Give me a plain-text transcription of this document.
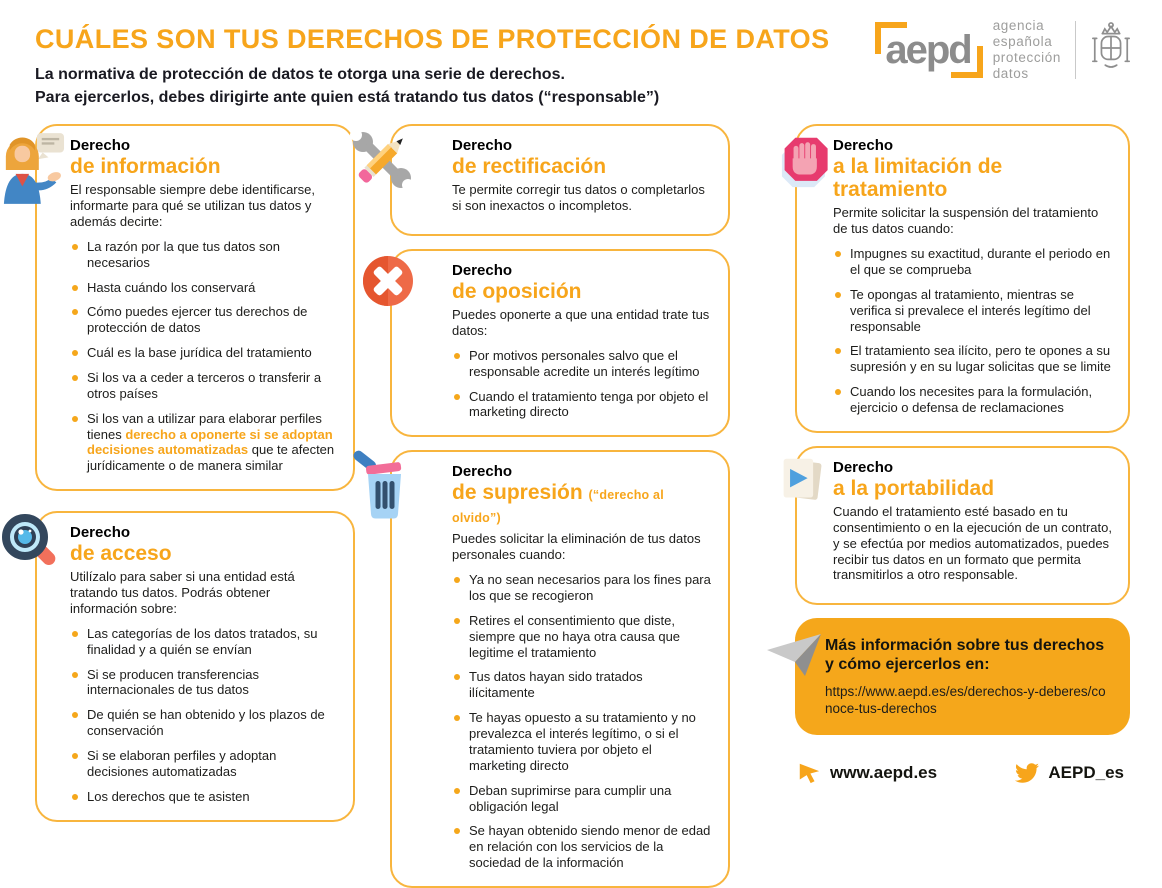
CUÁLES SON TUS DERECHOS DE PROTECCIÓN DE DATOS

La normativa de protección de datos te otorga una serie de derechos.

Para ejercerlos, debes dirigirte ante quien está tratando tus datos (“responsable”)

aepd
agencia
española
protección
datos
Derecho
de información

El responsable siempre debe identificarse, informarte para qué se utilizan tus datos y además decirte:

La razón por la que tus datos son necesarios
Hasta cuándo los conservará
Cómo puedes ejercer tus derechos de protección de datos
Cuál es la base jurídica del tratamiento
Si los va a ceder a terceros o transferir a otros países
Si los van a utilizar para elaborar perfiles tienes derecho a oponerte si se adoptan decisiones automatizadas que te afecten jurídicamente o de manera similar
Derecho
de acceso

Utilízalo para saber si una entidad está tratando tus datos. Podrás obtener información sobre:

Las categorías de los datos tratados, su finalidad y a quién se envían
Si se producen transferencias internacionales de tus datos
De quién se han obtenido y los plazos de conservación
Si se elaboran perfiles y adoptan decisiones automatizadas
Los derechos que te asisten
Derecho
de rectificación

Te permite corregir tus datos o completarlos si son inexactos o incompletos.

Derecho
de oposición

Puedes oponerte a que una entidad trate tus datos:

Por motivos personales salvo que el responsable acredite un interés legítimo
Cuando el tratamiento tenga por objeto el marketing directo
Derecho
de supresión (“derecho al olvido”)

Puedes solicitar la eliminación de tus datos personales cuando:

Ya no sean necesarios para los fines para los que se recogieron
Retires el consentimiento que diste, siempre que no haya otra causa que legitime el tratamiento
Tus datos hayan sido tratados ilícitamente
Te hayas opuesto a su tratamiento y no prevalezca el interés legítimo, o si el tratamiento tuviera por objeto el marketing directo
Deban suprimirse para cumplir una obligación legal
Se hayan obtenido siendo menor de edad en relación con los servicios de la sociedad de la información
Derecho
a la limitación de tratamiento

Permite solicitar la suspensión del tratamiento de tus datos cuando:

Impugnes su exactitud, durante el periodo en el que se comprueba
Te opongas al tratamiento, mientras se verifica si prevalece el interés legítimo del responsable
El tratamiento sea ilícito, pero te opones a su supresión y en su lugar solicitas que se limite
Cuando los necesites para la formulación, ejercicio o defensa de reclamaciones
Derecho
a la portabilidad

Cuando el tratamiento esté basado en tu consentimiento o en la ejecución de un contrato, y se efectúa por medios automatizados, puedes recibir tus datos en un formato que permita transmitirlos a otro responsable.

Más información sobre tus derechos y cómo ejercerlos en:
https://www.aepd.es/es/derechos-y-deberes/conoce-tus-derechos
www.aepd.es	AEPD_es
